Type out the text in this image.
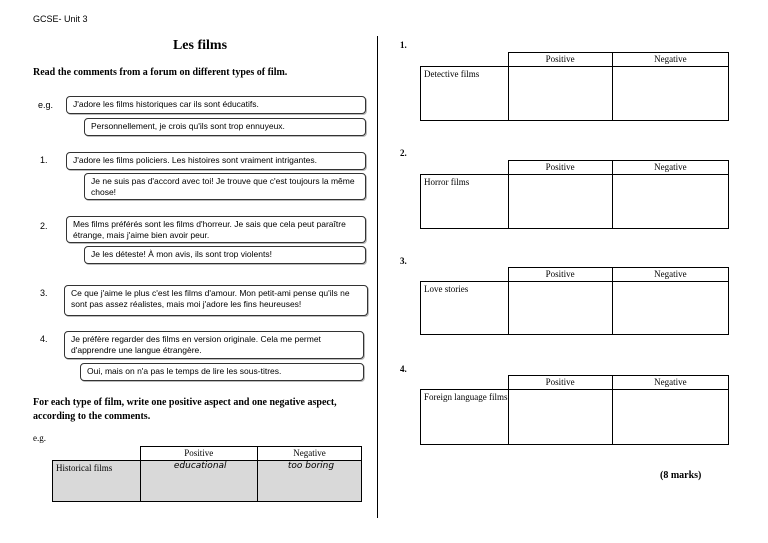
GCSE- Unit 3
Les films
Read the comments from a forum on different types of film.
e.g.	J'adore les films historiques car ils sont éducatifs.
Personnellement, je crois qu'ils sont trop ennuyeux.
1.	J'adore les films policiers. Les histoires sont vraiment intrigantes.
Je ne suis pas d'accord avec toi! Je trouve que c'est toujours la même chose!
2.	Mes films préférés sont les films d'horreur. Je sais que cela peut paraître étrange, mais j'aime bien avoir peur.
Je les déteste! À mon avis, ils sont trop violents!
3.	Ce que j'aime le plus c'est les films d'amour. Mon petit-ami pense qu'ils ne sont pas assez réalistes, mais moi j'adore les fins heureuses!
4.	Je préfère regarder des films en version originale. Cela me permet d'apprendre une langue étrangère.
Oui, mais on n'a pas le temps de lire les sous-titres.
For each type of film, write one positive aspect and one negative aspect, according to the comments.
e.g.
	Positive	Negative
Historical films	educational	too boring
1.
	Positive	Negative
Detective films		
2.
	Positive	Negative
Horror films		
3.
	Positive	Negative
Love stories		
4.
	Positive	Negative
Foreign language films		
(8 marks)
